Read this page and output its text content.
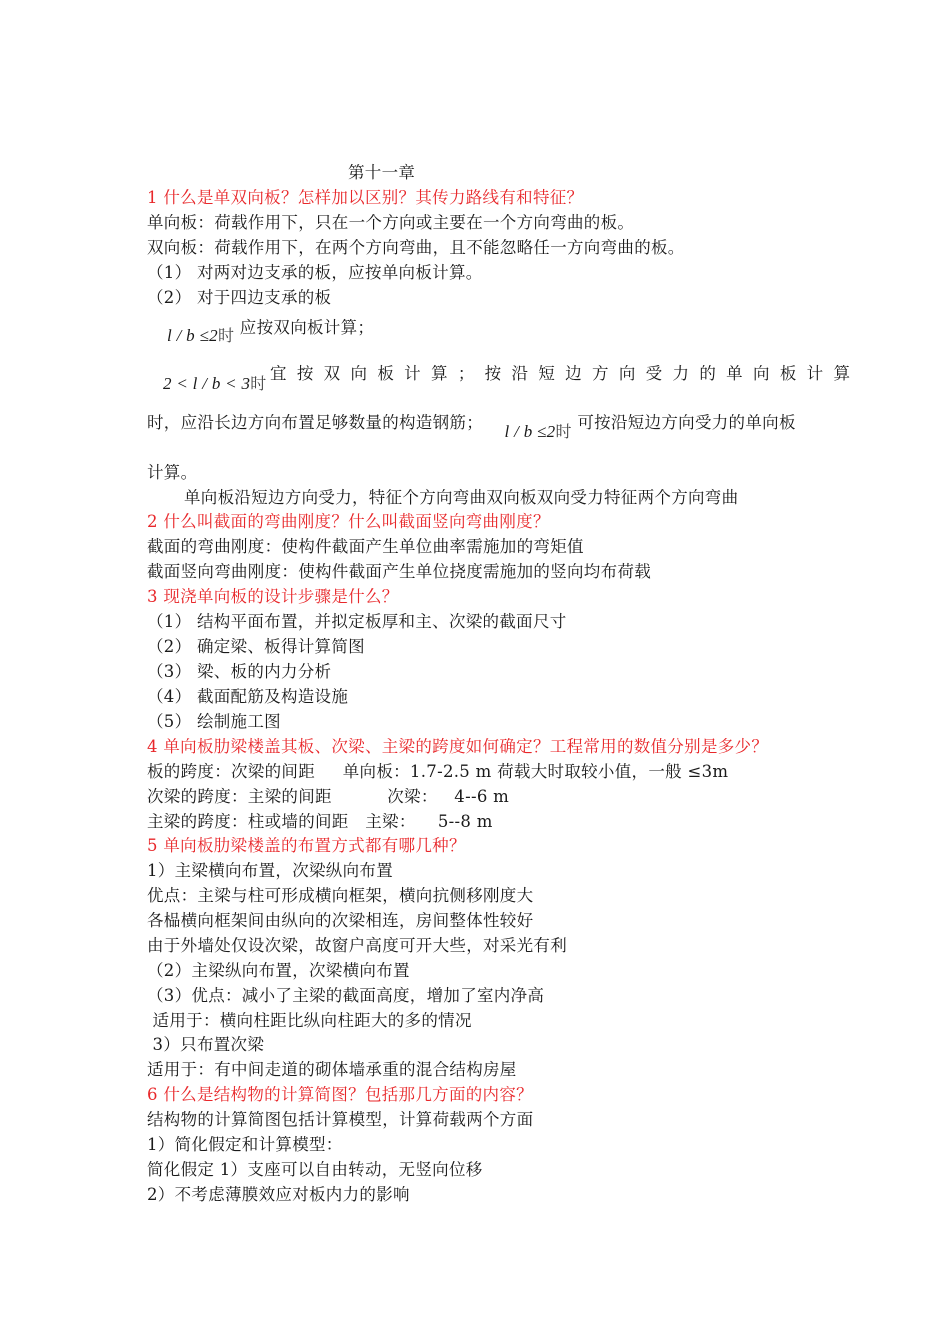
第十一章
1 什么是单双向板？怎样加以区别？其传力路线有和特征？
单向板：荷载作用下，只在一个方向或主要在一个方向弯曲的板。
双向板：荷载作用下，在两个方向弯曲，且不能忽略任一方向弯曲的板。
（1） 对两对边支承的板，应按单向板计算。
（2） 对于四边支承的板
l / b ≤2时 应按双向板计算；
2 < l / b < 3时
宜按双向板计算；按沿短边方向受力的单向板计算
时，应沿长边方向布置足够数量的构造钢筋； l / b ≤2时 可按沿短边方向受力的单向板
计算。
单向板沿短边方向受力，特征个方向弯曲双向板双向受力特征两个方向弯曲
2 什么叫截面的弯曲刚度？什么叫截面竖向弯曲刚度？
截面的弯曲刚度：使构件截面产生单位曲率需施加的弯矩值
截面竖向弯曲刚度：使构件截面产生单位挠度需施加的竖向均布荷载
3 现浇单向板的设计步骤是什么？
（1） 结构平面布置，并拟定板厚和主、次梁的截面尺寸
（2） 确定梁、板得计算简图
（3） 梁、板的内力分析
（4） 截面配筋及构造设施
（5） 绘制施工图
4 单向板肋梁楼盖其板、次梁、主梁的跨度如何确定？工程常用的数值分别是多少？
板的跨度：次梁的间距     单向板：1.7-2.5 m 荷载大时取较小值，一般 ≤3m
次梁的跨度：主梁的间距          次梁：   4--6 m
主梁的跨度：柱或墙的间距   主梁：    5--8 m
5 单向板肋梁楼盖的布置方式都有哪几种？
1）主梁横向布置，次梁纵向布置
优点：主梁与柱可形成横向框架，横向抗侧移刚度大
各榀横向框架间由纵向的次梁相连，房间整体性较好
由于外墙处仅设次梁，故窗户高度可开大些，对采光有利
（2）主梁纵向布置，次梁横向布置
（3）优点：减小了主梁的截面高度，增加了室内净高
适用于：横向柱距比纵向柱距大的多的情况
3）只布置次梁
适用于：有中间走道的砌体墙承重的混合结构房屋
6 什么是结构物的计算简图？包括那几方面的内容？
结构物的计算简图包括计算模型，计算荷载两个方面
1）简化假定和计算模型：
简化假定 1）支座可以自由转动，无竖向位移
2）不考虑薄膜效应对板内力的影响
